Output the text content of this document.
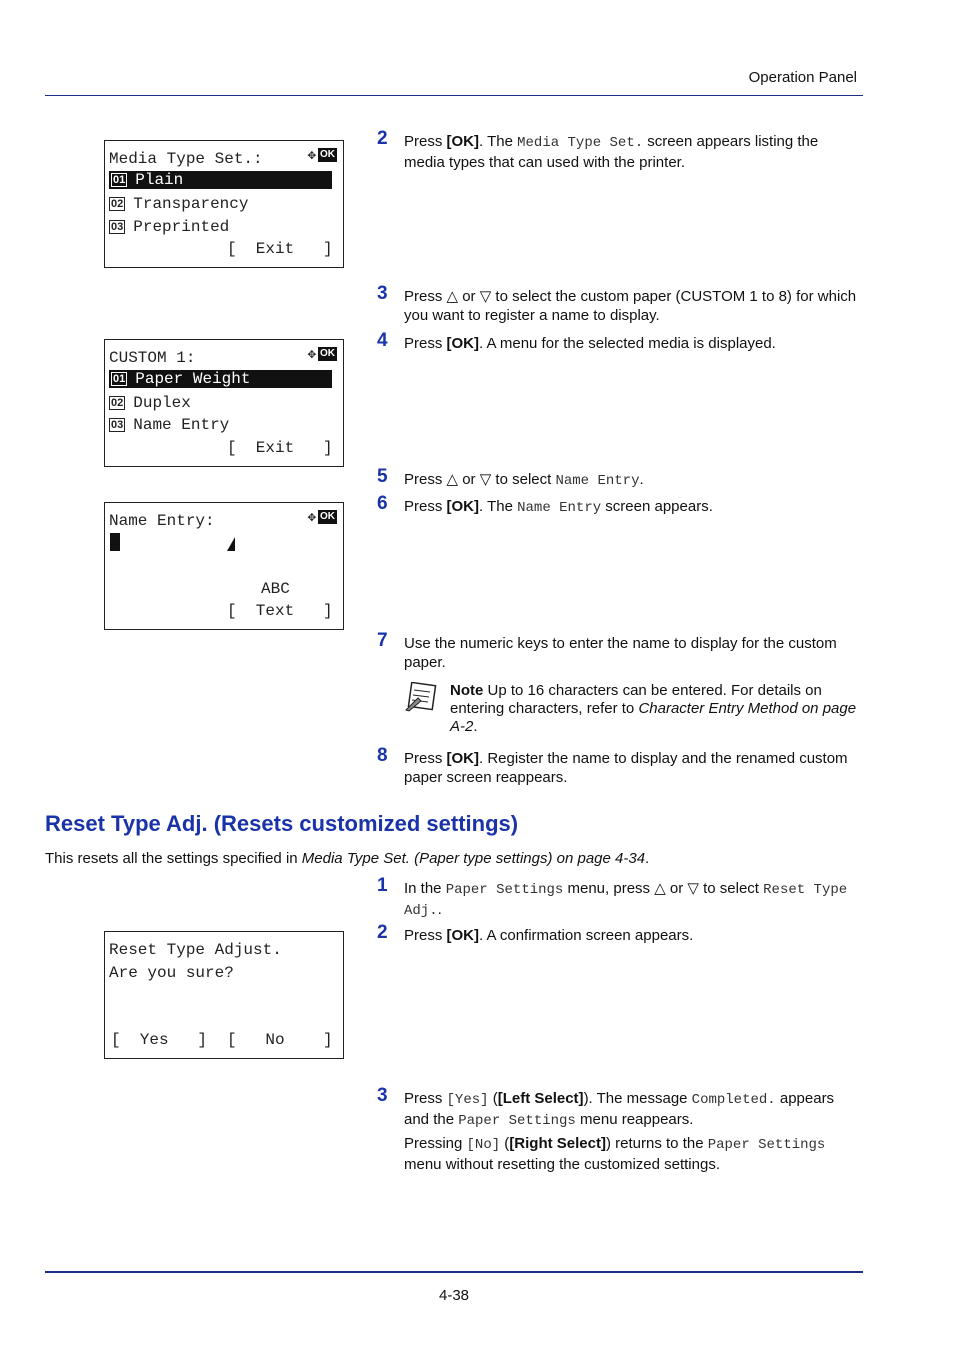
Operation Panel
Media Type Set.:	✥ OK
01 Plain
02 Transparency
03 Preprinted
[  Exit   ]
CUSTOM 1:	✥ OK
01 Paper Weight
02 Duplex
03 Name Entry
[  Exit   ]
Name Entry:	✥ OK
ABC
[  Text   ]
Reset Type Adjust.
Are you sure?
[  Yes   ] [   No    ]
2 Press [OK]. The Media Type Set. screen appears listing the media types that can used with the printer.
3 Press △ or ▽ to select the custom paper (CUSTOM 1 to 8) for which you want to register a name to display.
4 Press [OK]. A menu for the selected media is displayed.
5 Press △ or ▽ to select Name Entry.
6 Press [OK]. The Name Entry screen appears.
7 Use the numeric keys to enter the name to display for the custom paper.
Note Up to 16 characters can be entered. For details on entering characters, refer to Character Entry Method on page A-2.
8 Press [OK]. Register the name to display and the renamed custom paper screen reappears.
Reset Type Adj. (Resets customized settings)
This resets all the settings specified in Media Type Set. (Paper type settings) on page 4-34.
1 In the Paper Settings menu, press △ or ▽ to select Reset Type Adj..
2 Press [OK]. A confirmation screen appears.
3 Press [Yes] ([Left Select]). The message Completed. appears and the Paper Settings menu reappears.
Pressing [No] ([Right Select]) returns to the Paper Settings menu without resetting the customized settings.
4-38
